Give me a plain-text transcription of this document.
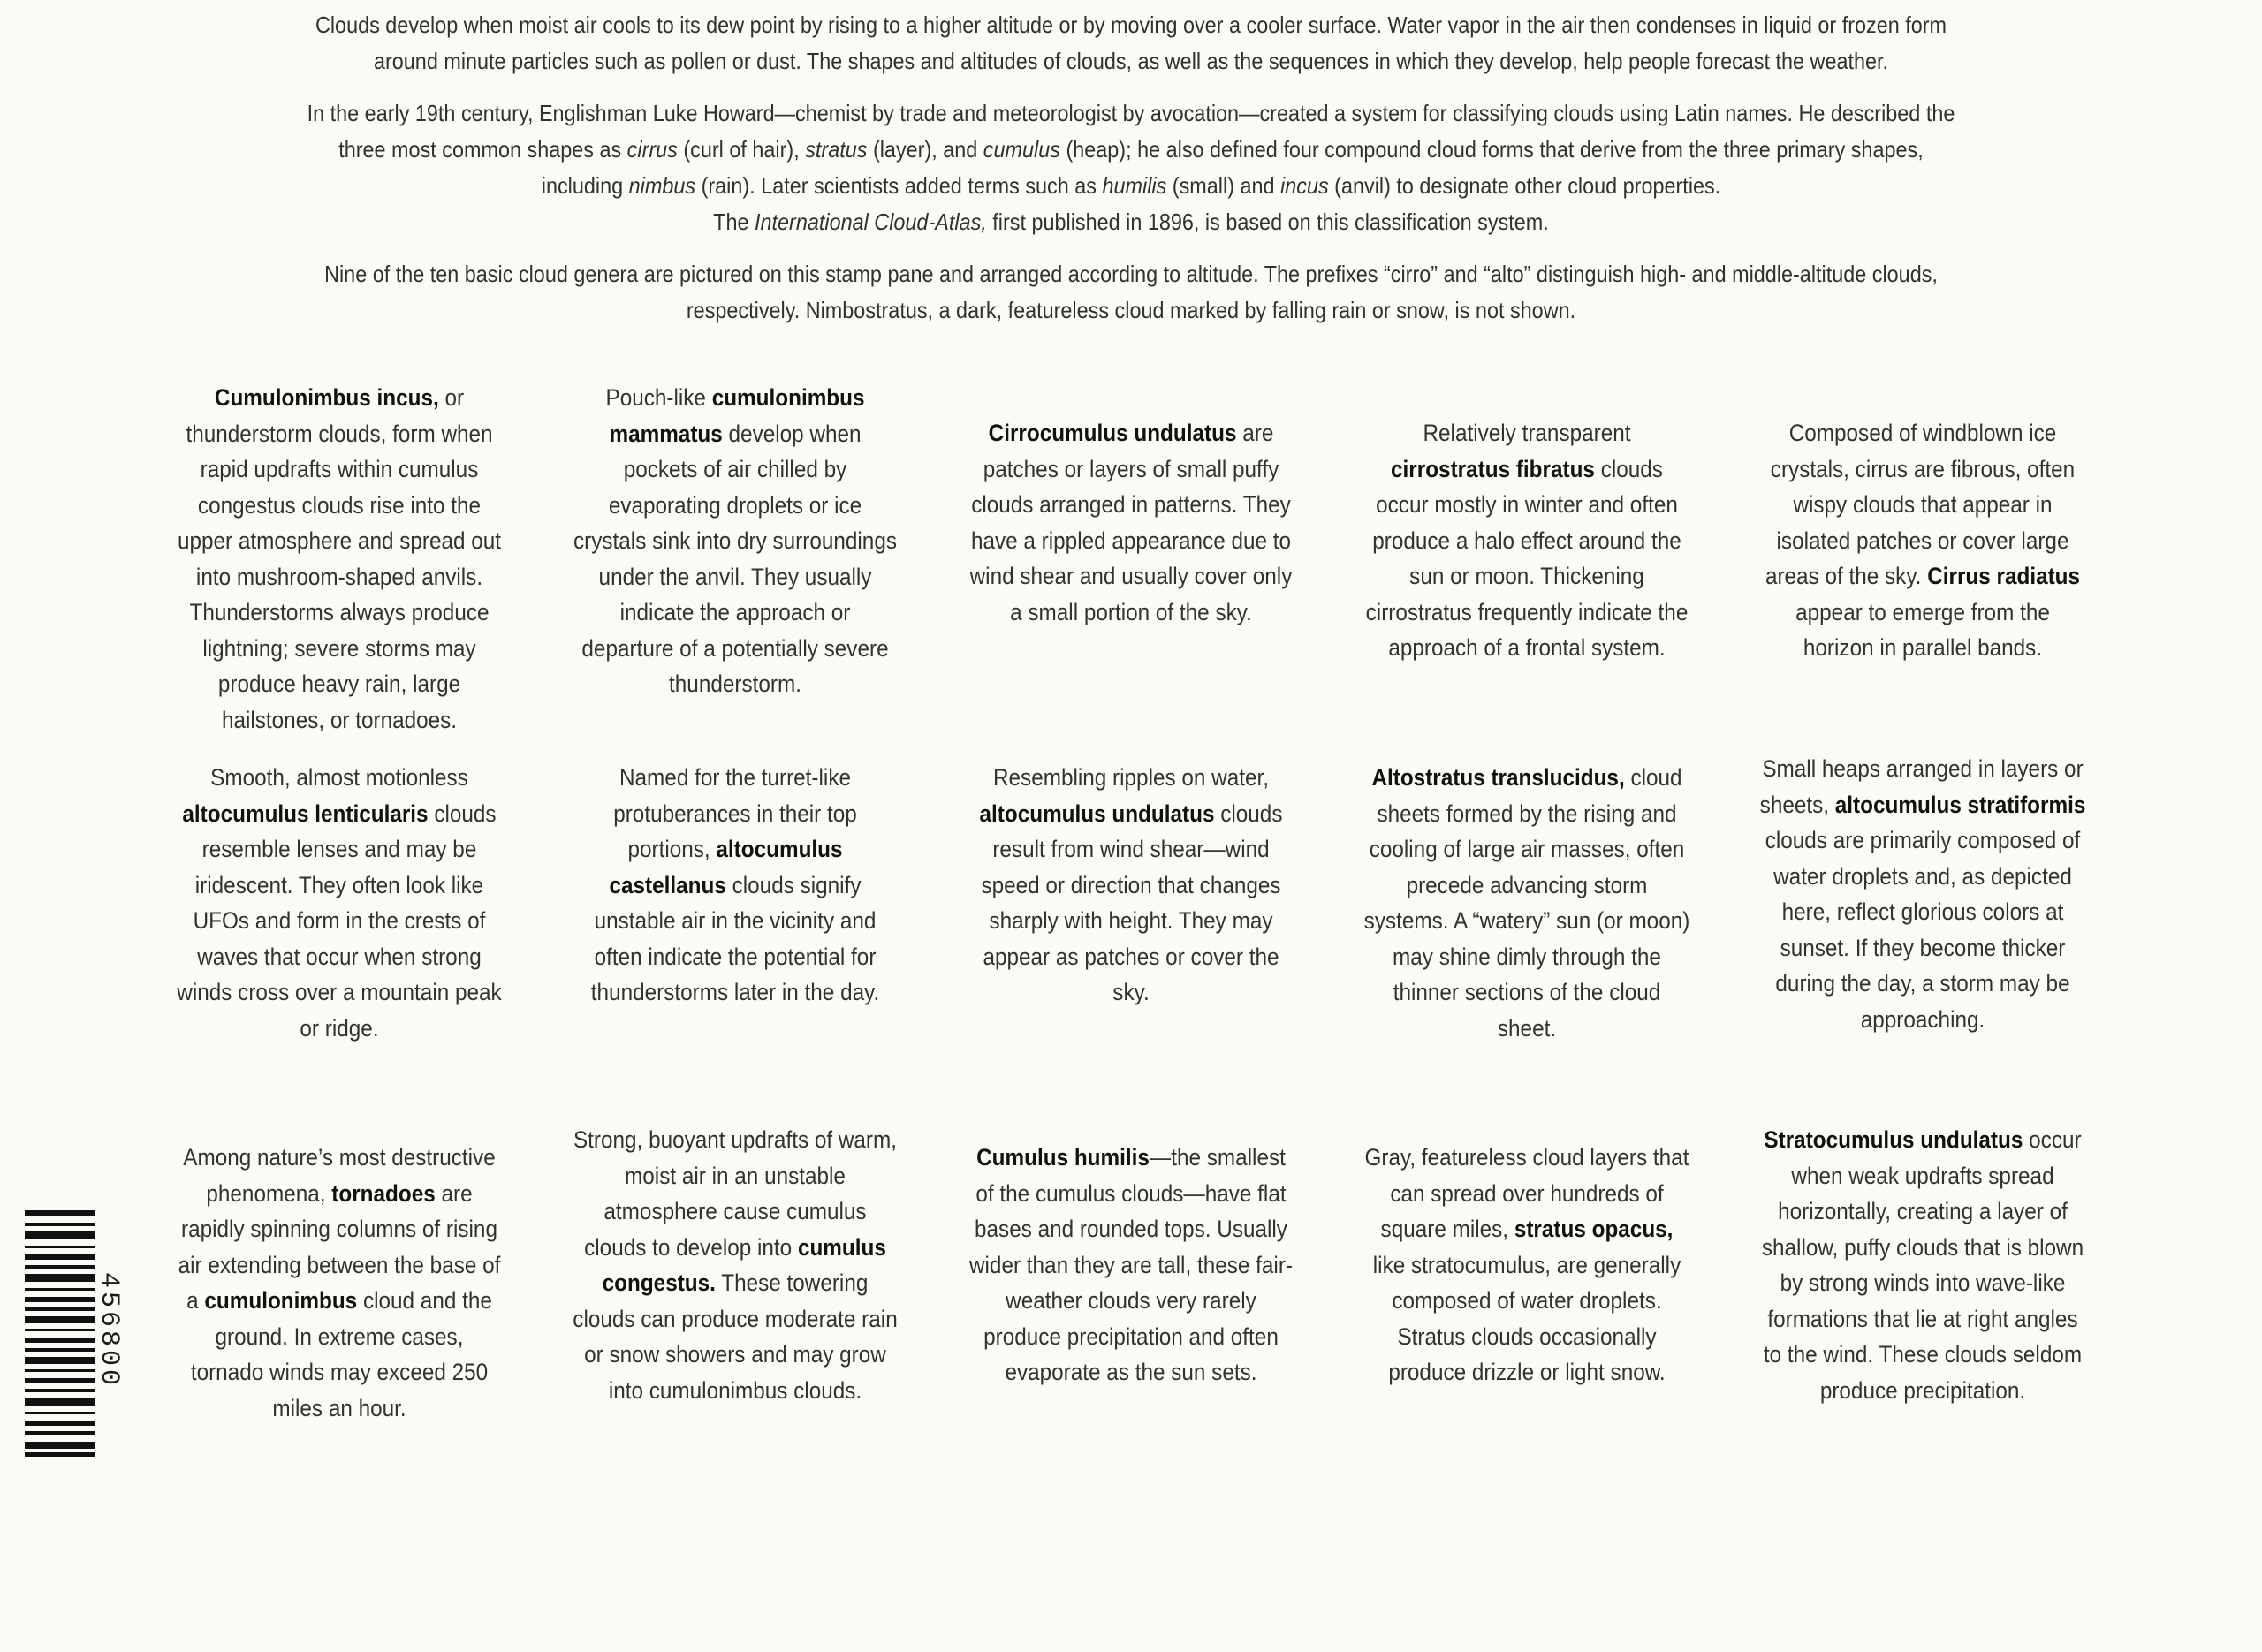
Clouds develop when moist air cools to its dew point by rising to a higher altitude or by moving over a cooler surface. Water vapor in the air then condenses in liquid or frozen form around minute particles such as pollen or dust. The shapes and altitudes of clouds, as well as the sequences in which they develop, help people forecast the weather.

In the early 19th century, Englishman Luke Howard—chemist by trade and meteorologist by avocation—created a system for classifying clouds using Latin names. He described the three most common shapes as cirrus (curl of hair), stratus (layer), and cumulus (heap); he also defined four compound cloud forms that derive from the three primary shapes, including nimbus (rain). Later scientists added terms such as humilis (small) and incus (anvil) to designate other cloud properties.
The International Cloud-Atlas, first published in 1896, is based on this classification system.

Nine of the ten basic cloud genera are pictured on this stamp pane and arranged according to altitude. The prefixes “cirro” and “alto” distinguish high- and middle-altitude clouds, respectively. Nimbostratus, a dark, featureless cloud marked by falling rain or snow, is not shown.

Cumulonimbus incus, or thunderstorm clouds, form when rapid updrafts within cumulus congestus clouds rise into the upper atmosphere and spread out into mushroom-shaped anvils. Thunderstorms always produce lightning; severe storms may produce heavy rain, large hailstones, or tornadoes.

Pouch-like cumulonimbus mammatus develop when pockets of air chilled by evaporating droplets or ice crystals sink into dry surroundings under the anvil. They usually indicate the approach or departure of a potentially severe thunderstorm.

Cirrocumulus undulatus are patches or layers of small puffy clouds arranged in patterns. They have a rippled appearance due to wind shear and usually cover only a small portion of the sky.

Relatively transparent cirrostratus fibratus clouds occur mostly in winter and often produce a halo effect around the sun or moon. Thickening cirrostratus frequently indicate the approach of a frontal system.

Composed of windblown ice crystals, cirrus are fibrous, often wispy clouds that appear in isolated patches or cover large areas of the sky. Cirrus radiatus appear to emerge from the horizon in parallel bands.

Smooth, almost motionless altocumulus lenticularis clouds resemble lenses and may be iridescent. They often look like UFOs and form in the crests of waves that occur when strong winds cross over a mountain peak or ridge.

Named for the turret-like protuberances in their top portions, altocumulus castellanus clouds signify unstable air in the vicinity and often indicate the potential for thunderstorms later in the day.

Resembling ripples on water, altocumulus undulatus clouds result from wind shear—wind speed or direction that changes sharply with height. They may appear as patches or cover the sky.

Altostratus translucidus, cloud sheets formed by the rising and cooling of large air masses, often precede advancing storm systems. A “watery” sun (or moon) may shine dimly through the thinner sections of the cloud sheet.

Small heaps arranged in layers or sheets, altocumulus stratiformis clouds are primarily composed of water droplets and, as depicted here, reflect glorious colors at sunset. If they become thicker during the day, a storm may be approaching.

Among nature’s most destructive phenomena, tornadoes are rapidly spinning columns of rising air extending between the base of a cumulonimbus cloud and the ground. In extreme cases, tornado winds may exceed 250 miles an hour.

Strong, buoyant updrafts of warm, moist air in an unstable atmosphere cause cumulus clouds to develop into cumulus congestus. These towering clouds can produce moderate rain or snow showers and may grow into cumulonimbus clouds.

Cumulus humilis—the smallest of the cumulus clouds—have flat bases and rounded tops. Usually wider than they are tall, these fair-weather clouds very rarely produce precipitation and often evaporate as the sun sets.

Gray, featureless cloud layers that can spread over hundreds of square miles, stratus opacus, like stratocumulus, are generally composed of water droplets. Stratus clouds occasionally produce drizzle or light snow.

Stratocumulus undulatus occur when weak updrafts spread horizontally, creating a layer of shallow, puffy clouds that is blown by strong winds into wave-like formations that lie at right angles to the wind. These clouds seldom produce precipitation.

456800
